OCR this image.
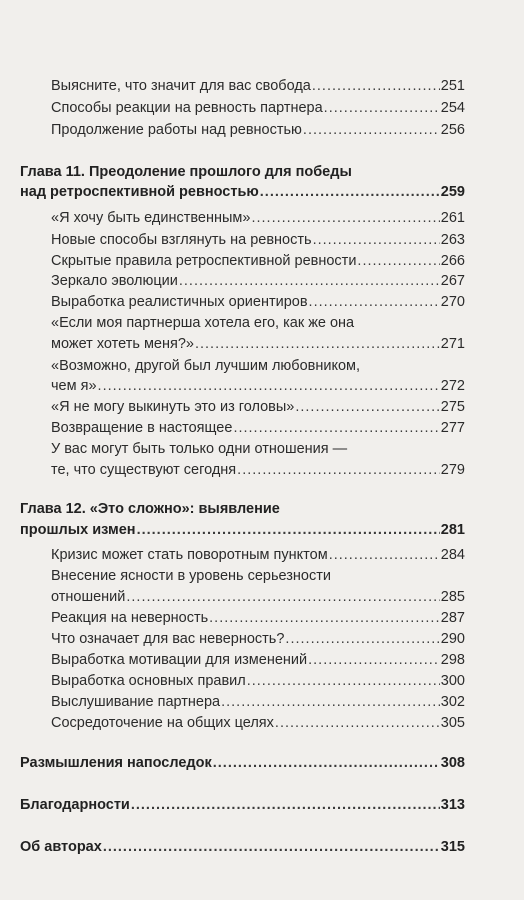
Выясните, что значит для вас свобода .....	251
Способы реакции на ревность партнера .....	254
Продолжение работы над ревностью .....	256
Глава 11. Преодоление прошлого для победы
над ретроспективной ревностью .....	259
«Я хочу быть единственным» .....	261
Новые способы взглянуть на ревность .....	263
Скрытые правила ретроспективной ревности .....	266
Зеркало эволюции .....	267
Выработка реалистичных ориентиров .....	270
«Если моя партнерша хотела его, как же она
может хотеть меня?» .....	271
«Возможно, другой был лучшим любовником,
чем я» .....	272
«Я не могу выкинуть это из головы» .....	275
Возвращение в настоящее .....	277
У вас могут быть только одни отношения —
те, что существуют сегодня .....	279
Глава 12. «Это сложно»: выявление
прошлых измен .....	281
Кризис может стать поворотным пунктом .....	284
Внесение ясности в уровень серьезности
отношений .....	285
Реакция на неверность .....	287
Что означает для вас неверность? .....	290
Выработка мотивации для изменений .....	298
Выработка основных правил .....	300
Выслушивание партнера .....	302
Сосредоточение на общих целях .....	305
Размышления напоследок .....	308
Благодарности .....	313
Об авторах .....	315
